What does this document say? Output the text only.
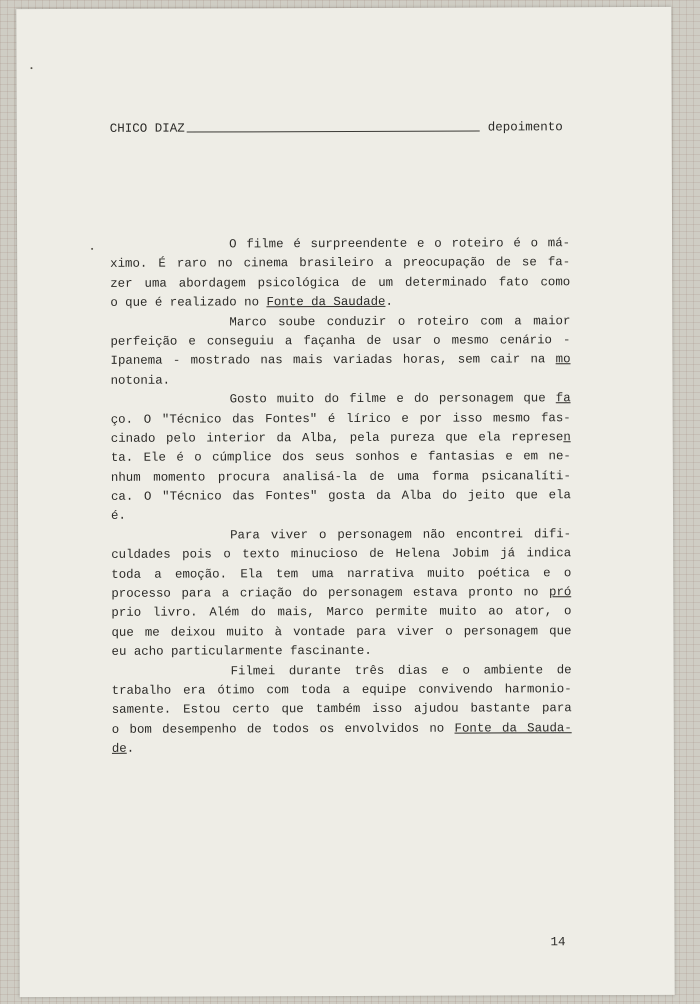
CHICO DIAZ	depoimento
O filme é surpreendente e o roteiro é o má-
ximo. É raro no cinema brasileiro a preocupação de se fa-
zer uma abordagem psicológica de um determinado fato como
o que é realizado no Fonte da Saudade.
Marco soube conduzir o roteiro com a maior
perfeição e conseguiu a façanha de usar o mesmo cenário -
Ipanema - mostrado nas mais variadas horas, sem cair na mo
notonia.
Gosto muito do filme e do personagem que fa
ço. O "Técnico das Fontes" é lírico e por isso mesmo fas-
cinado pelo interior da Alba, pela pureza que ela represen
ta. Ele é o cúmplice dos seus sonhos e fantasias e em ne-
nhum momento procura analisá-la de uma forma psicanalíti-
ca. O "Técnico das Fontes" gosta da Alba do jeito que ela
é.
Para viver o personagem não encontrei difi-
culdades pois o texto minucioso de Helena Jobim já indica
toda a emoção. Ela tem uma narrativa muito poética e o
processo para a criação do personagem estava pronto no pró
prio livro. Além do mais, Marco permite muito ao ator, o
que me deixou muito à vontade para viver o personagem que
eu acho particularmente fascinante.
Filmei durante três dias e o ambiente de
trabalho era ótimo com toda a equipe convivendo harmonio-
samente. Estou certo que também isso ajudou bastante para
o bom desempenho de todos os envolvidos no Fonte da Sauda-
de.
14
